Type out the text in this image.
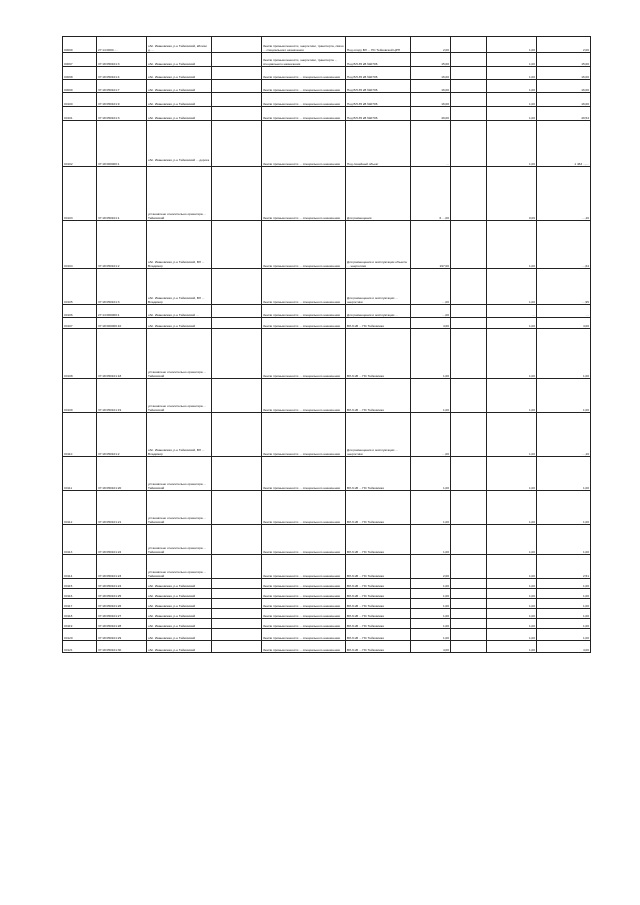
00099	27:14:0000..:..	обл. Ивановская, р-н Тейковский, вблизи д. ...		Земли промышленности, энергетики, транспорта, связи ... специального назначения	Под опору ВЛ ... ПС Тейковской ЦРП	2,00		1,00	2,00
00097	37:18:050101:3	обл. Ивановская, р-н Тейковский		Земли промышленности, энергетики, транспорта ... специального назначения	Под ВЛ-35 кВ №0706	15,00		1,00	15,00
00098	37:18:050101:4	обл. Ивановская, р-н Тейковский		Земли промышленности ... специального назначения	Под ВЛ-35 кВ №0706	16,00		1,00	16,00
00099	37:18:050101:7	обл. Ивановская, р-н Тейковский		Земли промышленности ... специального назначения	Под ВЛ-35 кВ №0706	16,00		1,00	16,00
00100	37:18:050101:9	обл. Ивановская, р-н Тейковский		Земли промышленности ... специального назначения	Под ВЛ-35 кВ №0706	16,00		1,00	16,00
00101	37:18:050101:3	обл. Ивановская, р-н Тейковский		Земли промышленности ... специального назначения	Под ВЛ-35 кВ №0706	49,00		1,00	49,54
00102	37:18:000000:1	обл. Ивановская, р-н Тейковский ... дорога ...		Земли промышленности ... специального назначения	Под линейный объект	...		1,00	1 463 ...,...
00103	37:18:050101:1	установлено относительно ориентира ... Тейковский		Земли промышленности ... специального назначения	Для размещения	6 ...,00		0,09	...,16
00104	37:18:050101:2	обл. Ивановская, р-н Тейковский, ВЛ ... Владимир		Земли промышленности ... специального назначения	Для размещения и эксплуатации объекта ... энергетики	197,00		1,00	...,64
00105	37:18:050101:3	обл. Ивановская, р-н Тейковский, ВЛ ... Владимир		Земли промышленности ... специального назначения	Для размещения и эксплуатации ... энергетики	...,00		1,00	...,95
00106	27:14:000000:1	обл. Ивановская, р-н Тейковский ...		Земли промышленности ... специального назначения	Для размещения и эксплуатации ...	...,00		...	...
00107	37:18:000000:10	обл. Ивановская, р-н Тейковский		Земли промышленности ... специального назначения	ВЛ-6 кВ ... ПС Тейковская	4,00		1,00	4,00
00108	37:18:050101:18	установлено относительно ориентира ... Тейковский		Земли промышленности ... специального назначения	ВЛ-6 кВ ... ПС Тейковская	1,00		1,00	1,00
00109	37:18:050101:19	установлено относительно ориентира ... Тейковский		Земли промышленности ... специального назначения	ВЛ-6 кВ ... ПС Тейковская	1,00		1,00	1,00
00110	37:18:050101:2	обл. Ивановская, р-н Тейковский, ВЛ ... Владимир		Земли промышленности ... специального назначения	Для размещения и эксплуатации ... энергетики	...,00		1,00	...,16
00111	37:18:050101:20	установлено относительно ориентира ... Тейковский		Земли промышленности ... специального назначения	ВЛ-6 кВ ... ПС Тейковская	1,00		1,00	1,00
00112	37:18:050101:21	установлено относительно ориентира ... Тейковский		Земли промышленности ... специального назначения	ВЛ-6 кВ ... ПС Тейковская	1,00		1,00	1,00
00113	37:18:050101:22	установлено относительно ориентира ... Тейковский		Земли промышленности ... специального назначения	ВЛ-6 кВ ... ПС Тейковская	1,00		1,00	1,00
00114	37:18:050101:23	установлено относительно ориентира ... Тейковский		Земли промышленности ... специального назначения	ВЛ-6 кВ ... ПС Тейковская	2,00		1,00	2,51
00115	37:18:050101:24	обл. Ивановская, р-н Тейковский		Земли промышленности ... специального назначения	ВЛ-6 кВ ... ПС Тейковская	1,00		1,00	1,00
00116	37:18:050101:25	обл. Ивановская, р-н Тейковский		Земли промышленности ... специального назначения	ВЛ-6 кВ ... ПС Тейковская	1,00		1,00	1,00
00117	37:18:050101:26	обл. Ивановская, р-н Тейковский		Земли промышленности ... специального назначения	ВЛ-6 кВ ... ПС Тейковская	1,00		1,00	1,00
00118	37:18:050101:27	обл. Ивановская, р-н Тейковский		Земли промышленности ... специального назначения	ВЛ-6 кВ ... ПС Тейковская	1,00		1,00	1,00
00119	37:18:050101:28	обл. Ивановская, р-н Тейковский		Земли промышленности ... специального назначения	ВЛ-6 кВ ... ПС Тейковская	1,00		1,00	1,00
00120	37:18:050101:29	обл. Ивановская, р-н Тейковский		Земли промышленности ... специального назначения	ВЛ-6 кВ ... ПС Тейковская	1,00		1,00	1,00
00121	37:18:050101:30	обл. Ивановская, р-н Тейковский		Земли промышленности ... специального назначения	ВЛ-6 кВ ... ПС Тейковская	4,00		1,00	4,00
